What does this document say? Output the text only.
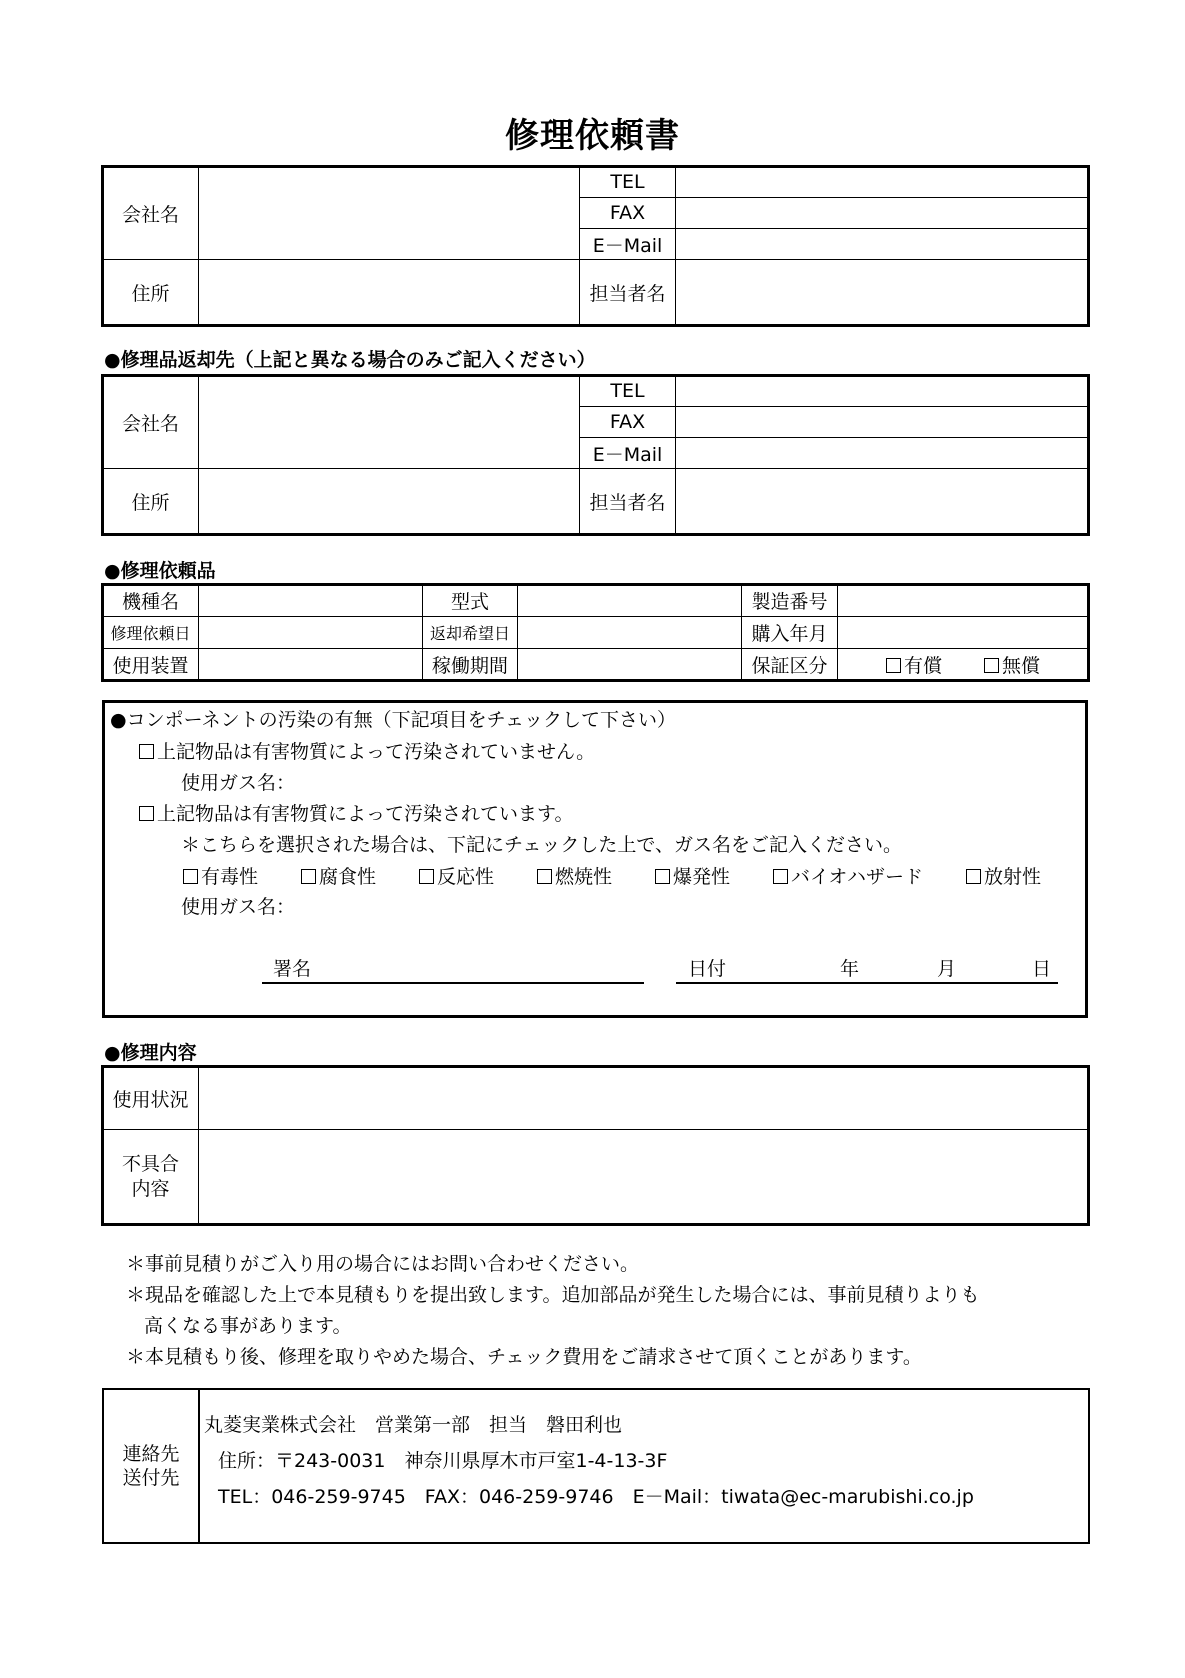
修理依頼書
会社名		TEL	
		FAX	
		E－Mail	
住所		担当者名	
●修理品返却先（上記と異なる場合のみご記入ください）
会社名		TEL	
		FAX	
		E－Mail	
住所		担当者名	
●修理依頼品
機種名		型式		製造番号	
修理依頼日		返却希望日		購入年月	
使用装置		稼働期間		保証区分	有償 無償
●コンポーネントの汚染の有無（下記項目をチェックして下さい）
上記物品は有害物質によって汚染されていません。
使用ガス名：
上記物品は有害物質によって汚染されています。
＊こちらを選択された場合は、下記にチェックした上で、ガス名をご記入ください。
有毒性	腐食性	反応性	燃焼性	爆発性	バイオハザード	放射性
使用ガス名：
署名	日付	年	月	日
●修理内容
使用状況	

不具合
内容	

＊事前見積りがご入り用の場合にはお問い合わせください。
＊現品を確認した上で本見積もりを提出致します。追加部品が発生した場合には、事前見積りよりも
高くなる事があります。
＊本見積もり後、修理を取りやめた場合、チェック費用をご請求させて頂くことがあります。
連絡先
送付先

丸菱実業株式会社　営業第一部　担当　磐田利也
住所：〒243-0031　神奈川県厚木市戸室1-4-13-3F
TEL：046-259-9745　FAX：046-259-9746　E－Mail：tiwata@ec-marubishi.co.jp
